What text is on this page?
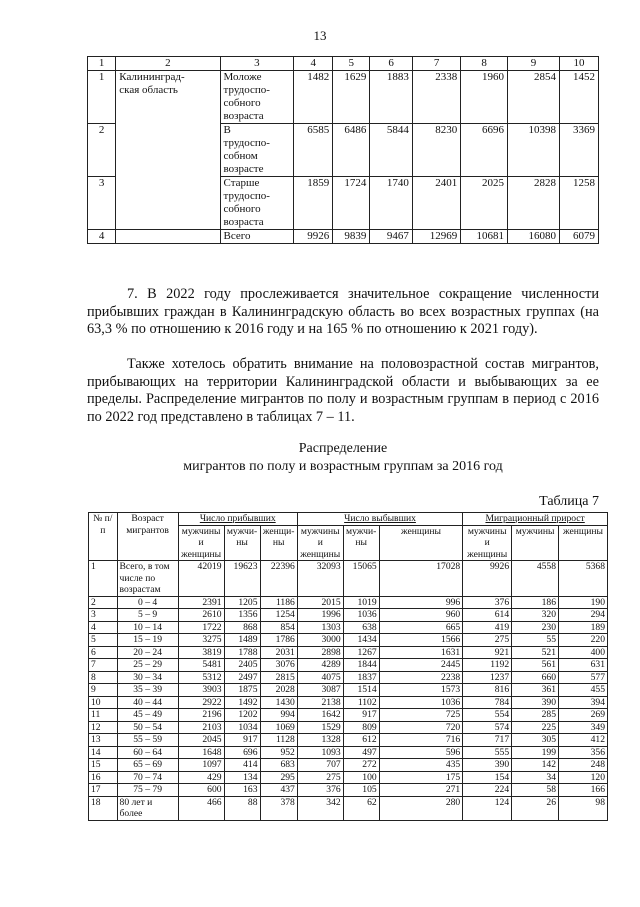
13
1	2	3	4	5	6	7	8	9	10
1	Калининград-
ская область	Моложе
трудоспо-
собного
возраста	1482	1629	1883	2338	1960	2854	1452
2		В
трудоспо-
собном
возрасте	6585	6486	5844	8230	6696	10398	3369
3		Старше
трудоспо-
собного
возраста	1859	1724	1740	2401	2025	2828	1258
4		Всего	9926	9839	9467	12969	10681	16080	6079
7. В 2022 году прослеживается значительное сокращение численности прибывших граждан в Калининградскую область во всех возрастных группах (на 63,3 % по отношению к 2016 году и на 165 % по отношению к 2021 году).
Также хотелось обратить внимание на половозрастной состав мигрантов, прибывающих на территории Калининградской области и выбывающих за ее пределы. Распределение мигрантов по полу и возрастным группам в период с 2016 по 2022 год представлено в таблицах 7 – 11.
Распределение
мигрантов по полу и возрастным группам за 2016 год
Таблица 7
№ п/п	Возраст мигрантов	Число прибывших			Число выбывших			Миграционный прирост		
		мужчины и женщины	мужчи-ны	женщи-ны	мужчины и женщины	мужчи-ны	женщины	мужчины и женщины	мужчины	женщины
1	Всего, в том числе по возрастам	42019	19623	22396	32093	15065	17028	9926	4558	5368
2	0 – 4	2391	1205	1186	2015	1019	996	376	186	190
3	5 – 9	2610	1356	1254	1996	1036	960	614	320	294
4	10 – 14	1722	868	854	1303	638	665	419	230	189
5	15 – 19	3275	1489	1786	3000	1434	1566	275	55	220
6	20 – 24	3819	1788	2031	2898	1267	1631	921	521	400
7	25 – 29	5481	2405	3076	4289	1844	2445	1192	561	631
8	30 – 34	5312	2497	2815	4075	1837	2238	1237	660	577
9	35 – 39	3903	1875	2028	3087	1514	1573	816	361	455
10	40 – 44	2922	1492	1430	2138	1102	1036	784	390	394
11	45 – 49	2196	1202	994	1642	917	725	554	285	269
12	50 – 54	2103	1034	1069	1529	809	720	574	225	349
13	55 – 59	2045	917	1128	1328	612	716	717	305	412
14	60 – 64	1648	696	952	1093	497	596	555	199	356
15	65 – 69	1097	414	683	707	272	435	390	142	248
16	70 – 74	429	134	295	275	100	175	154	34	120
17	75 – 79	600	163	437	376	105	271	224	58	166
18	80 лет и более	466	88	378	342	62	280	124	26	98
